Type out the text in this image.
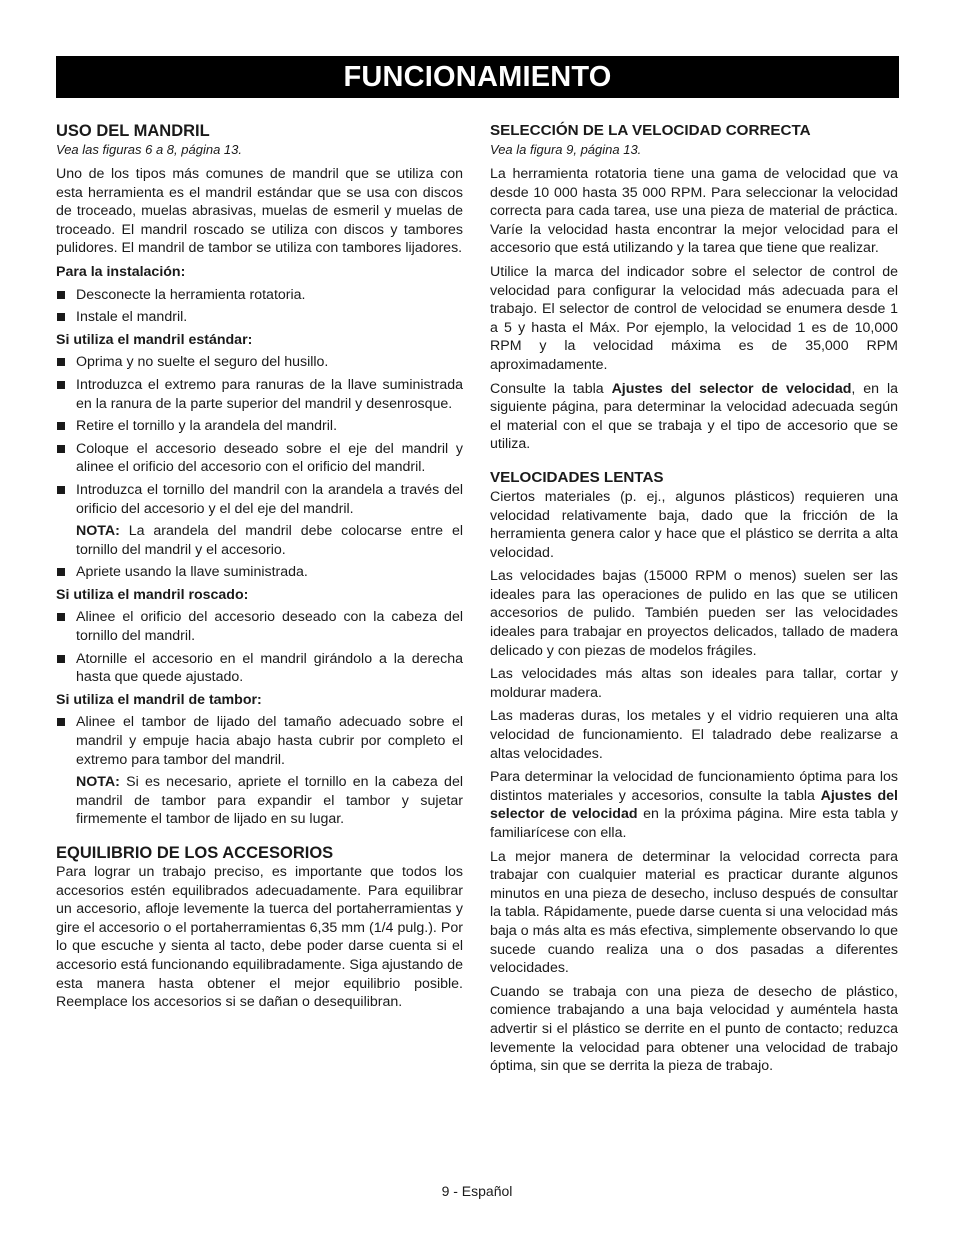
FUNCIONAMIENTO
USO DEL MANDRIL
Vea las figuras 6 a 8, página 13.

Uno de los tipos más comunes de mandril que se utiliza con esta herramienta es el mandril estándar que se usa con discos de troceado, muelas abrasivas, muelas de esmeril y muelas de troceado. El mandril roscado se utiliza con discos y tambores pulidores. El mandril de tambor se utiliza con tambores lijadores.

Para la instalación:
Desconecte la herramienta rotatoria.
Instale el mandril.
Si utiliza el mandril estándar:
Oprima y no suelte el seguro del husillo.
Introduzca el extremo para ranuras de la llave suministrada en la ranura de la parte superior del mandril y desenrosque.
Retire el tornillo y la arandela del mandril.
Coloque el accesorio deseado sobre el eje del mandril y alinee el orificio del accesorio con el orificio del mandril.
Introduzca el tornillo del mandril con la arandela a través del orificio del accesorio y el del eje del mandril.
NOTA: La arandela del mandril debe colocarse entre el tornillo del mandril y el accesorio.
Apriete usando la llave suministrada.
Si utiliza el mandril roscado:
Alinee el orificio del accesorio deseado con la cabeza del tornillo del mandril.
Atornille el accesorio en el mandril girándolo a la derecha hasta que quede ajustado.
Si utiliza el mandril de tambor:
Alinee el tambor de lijado del tamaño adecuado sobre el mandril y empuje hacia abajo hasta cubrir por completo el extremo para tambor del mandril.
NOTA: Si es necesario, apriete el tornillo en la cabeza del mandril de tambor para expandir el tambor y sujetar firmemente el tambor de lijado en su lugar.
EQUILIBRIO DE LOS ACCESORIOS

Para lograr un trabajo preciso, es importante que todos los accesorios estén equilibrados adecuadamente. Para equilibrar un accesorio, afloje levemente la tuerca del portaherramientas y gire el accesorio o el portaherramientas 6,35 mm (1/4 pulg.). Por lo que escuche y sienta al tacto, debe poder darse cuenta si el accesorio está funcionando equilibradamente. Siga ajustando de esta manera hasta obtener el mejor equilibrio posible. Reemplace los accesorios si se dañan o desequilibran.

SELECCIÓN DE LA VELOCIDAD CORRECTA
Vea la figura 9, página 13.

La herramienta rotatoria tiene una gama de velocidad que va desde 10 000 hasta 35 000 RPM. Para seleccionar la velocidad correcta para cada tarea, use una pieza de material de práctica. Varíe la velocidad hasta encontrar la mejor velocidad para el accesorio que está utilizando y la tarea que tiene que realizar.

Utilice la marca del indicador sobre el selector de control de velocidad para configurar la velocidad más adecuada para el trabajo. El selector de control de velocidad se enumera desde 1 a 5 y hasta el Máx. Por ejemplo, la velocidad 1 es de 10,000 RPM y la velocidad máxima es de 35,000 RPM aproximadamente.

Consulte la tabla Ajustes del selector de velocidad, en la siguiente página, para determinar la velocidad adecuada según el material con el que se trabaja y el tipo de accesorio que se utiliza.

VELOCIDADES LENTAS

Ciertos materiales (p. ej., algunos plásticos) requieren una velocidad relativamente baja, dado que la fricción de la herramienta genera calor y hace que el plástico se derrita a alta velocidad.

Las velocidades bajas (15000 RPM o menos) suelen ser las ideales para las operaciones de pulido en las que se utilicen accesorios de pulido. También pueden ser las velocidades ideales para trabajar en proyectos delicados, tallado de madera delicado y con piezas de modelos frágiles.

Las velocidades más altas son ideales para tallar, cortar y moldurar madera.

Las maderas duras, los metales y el vidrio requieren una alta velocidad de funcionamiento. El taladrado debe realizarse a altas velocidades.

Para determinar la velocidad de funcionamiento óptima para los distintos materiales y accesorios, consulte la tabla Ajustes del selector de velocidad en la próxima página. Mire esta tabla y familiarícese con ella.

La mejor manera de determinar la velocidad correcta para trabajar con cualquier material es practicar durante algunos minutos en una pieza de desecho, incluso después de consultar la tabla. Rápidamente, puede darse cuenta si una velocidad más baja o más alta es más efectiva, simplemente observando lo que sucede cuando realiza una o dos pasadas a diferentes velocidades.

Cuando se trabaja con una pieza de desecho de plástico, comience trabajando a una baja velocidad y auméntela hasta advertir si el plástico se derrite en el punto de contacto; reduzca levemente la velocidad para obtener una velocidad de trabajo óptima, sin que se derrita la pieza de trabajo.

9 - Español
